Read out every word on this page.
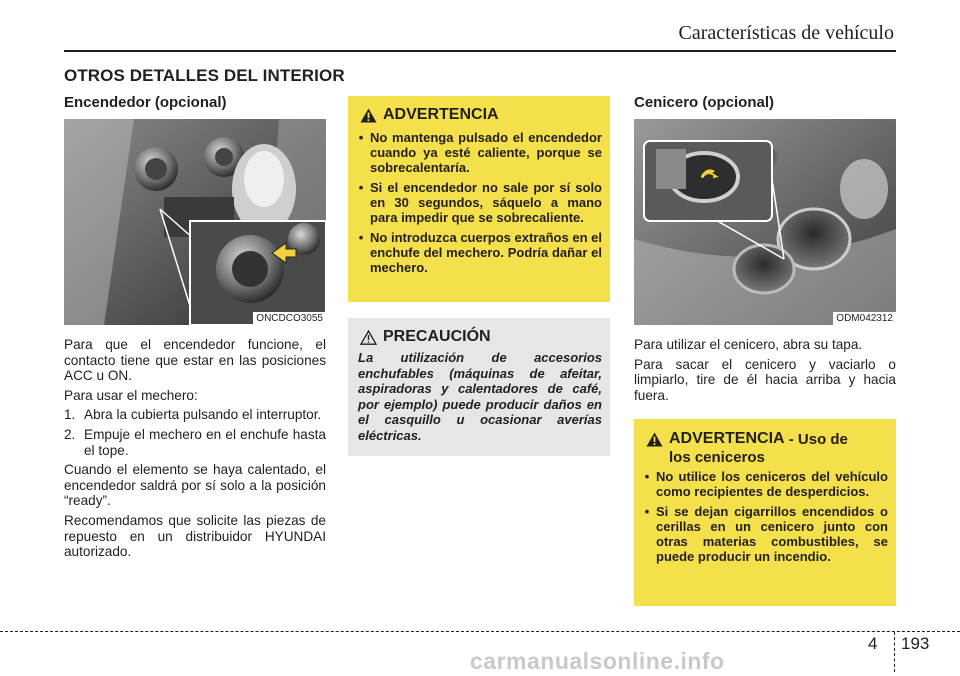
Características de vehículo
OTROS DETALLES DEL INTERIOR
Encendedor (opcional)
ONCDCO3055

Para que el encendedor funcione, el contacto tiene que estar en las posiciones ACC u ON.

Para usar el mechero:

1. Abra la cubierta pulsando el interruptor.
2. Empuje el mechero en el enchufe hasta el tope.

Cuando el elemento se haya calentado, el encendedor saldrá por sí solo a la posición “ready”.

Recomendamos que solicite las piezas de repuesto en un distribuidor HYUNDAI autorizado.

ADVERTENCIA
• No mantenga pulsado el encendedor cuando ya esté caliente, porque se sobrecalentaría.
• Si el encendedor no sale por sí solo en 30 segundos, sáquelo a mano para impedir que se sobrecaliente.
• No introduzca cuerpos extraños en el enchufe del mechero. Podría dañar el mechero.
PRECAUCIÓN
La utilización de accesorios enchufables (máquinas de afeitar, aspiradoras y calentadores de café, por ejemplo) puede producir daños en el casquillo u ocasionar averías eléctricas.
Cenicero (opcional)
ODM042312

Para utilizar el cenicero, abra su tapa.

Para sacar el cenicero y vaciarlo o limpiarlo, tire de él hacia arriba y hacia fuera.

ADVERTENCIA - Uso de
los ceniceros
• No utilice los ceniceros del vehículo como recipientes de desperdicios.
• Si se dejan cigarrillos encendidos o cerillas en un cenicero junto con otras materias combustibles, se puede producir un incendio.
4 193
carmanualsonline.info
